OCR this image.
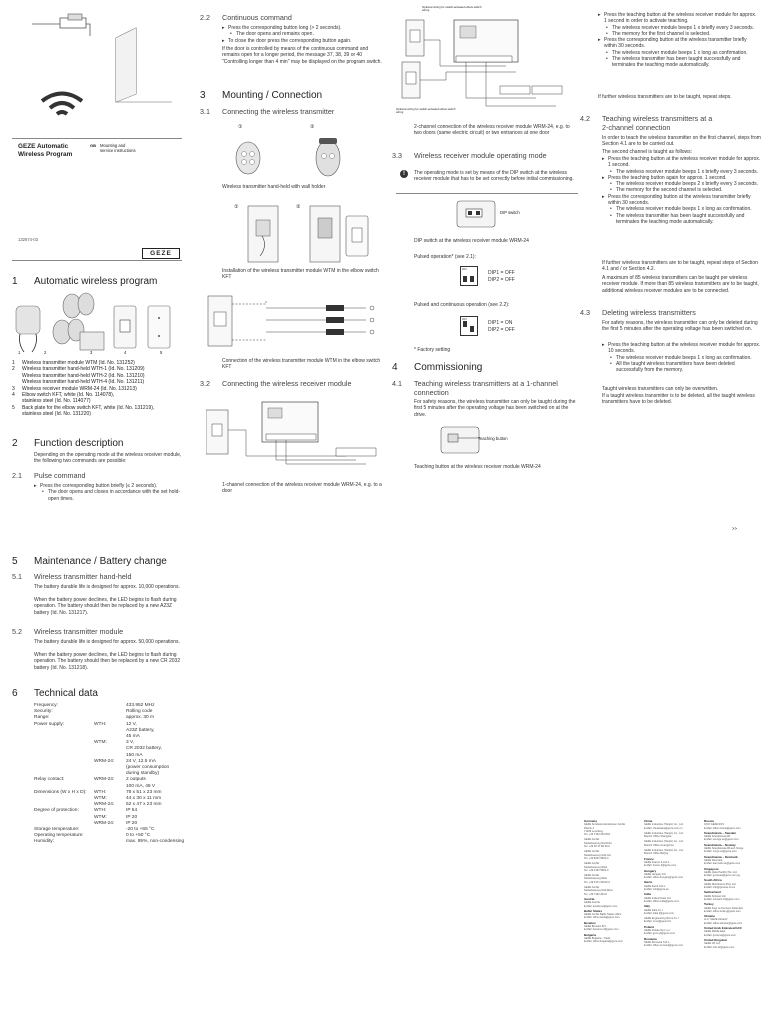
GEZE Automatic
Wireless Program
GB Mounting and
service instructions
132674-03
GEZE
1 Automatic wireless program
1	2	3	4	5
1	Wireless transmitter module WTM (Id. No. 131252)
2	Wireless transmitter hand-held WTH-1 (Id. No. 131209)
Wireless transmitter hand-held WTH-2 (Id. No. 131210)
Wireless transmitter hand-held WTH-4 (Id. No. 131211)
3	Wireless receiver module WRM-24 (Id. No. 131213)
4	Elbow switch KFT, white (Id. No. 114078),
stainless steel (Id. No. 114077)
5	Back plate for the elbow switch KFT, white (Id. No. 131219),
stainless steel (Id. No. 131220)
2 Function description
Depending on the operating mode at the wireless receiver module, the following two commands are possible:
2.1 Pulse command
▸ Press the corresponding button briefly (≤ 2 seconds).
• The door opens and closes in accordance with the set hold-open times.
2.2 Continuous command
▸ Press the corresponding button long (> 2 seconds).
• The door opens and remains open.
▸ To close the door press the corresponding button again.
If the door is controlled by means of the continuous command and remains open for a longer period, the message 37, 38, 39 or 40 "Controlling longer than 4 min" may be displayed on the program switch.
3 Mounting / Connection
3.1 Connecting the wireless transmitter
①	②
Wireless transmitter hand-held with wall holder
①	②
Installation of the wireless transmitter module WTM in the elbow switch KFT
Connection of the wireless transmitter module WTM in the elbow switch KFT
3.2 Connecting the wireless receiver module
1-channel connection of the wireless receiver module WRM-24, e.g. to a door
Optional wiring for switch-actuated elbow switch wiring
Optional wiring for switch-actuated elbow switch wiring
2-channel connection of the wireless receiver module WRM-24, e.g. to two doors (same electric circuit) or two entrances at one door
3.3 Wireless receiver module operating mode
!	The operating mode is set by means of the DIP switch at the wireless receiver module that has to be set correctly before initial commissioning.
DIP switch
DIP switch at the wireless receiver module WRM-24
Pulsed operation* (see 2.1):
ON
DIP1 = OFF
DIP2 = OFF
Pulsed and continuous operation (see 2.2):
ON
DIP1 = ON
DIP2 = OFF
* Factory setting
4 Commissioning
4.1 Teaching wireless transmitters at a 1-channel
connection
For safety reasons, the wireless transmitter can only be taught during the first 5 minutes after the operating voltage has been switched on at the drive.
Teaching button
Teaching button at the wireless receiver module WRM-24
▸ Press the teaching button at the wireless receiver module for approx. 1 second in order to activate teaching.
• The wireless receiver module beeps 1 x briefly every 3 seconds.
• The memory for the first channel is selected.
▸ Press the corresponding button at the wireless transmitter briefly within 30 seconds.
• The wireless receiver module beeps 1 x long as confirmation.
• The wireless transmitter has been taught successfully and terminates the teaching mode automatically.
If further wireless transmitters are to be taught, repeat steps.
4.2 Teaching wireless transmitters at a
2-channel connection
In order to teach the wireless transmitter on the first channel, steps from Section 4.1 are to be carried out.
The second channel is taught as follows:
▸ Press the teaching button at the wireless receiver module for approx. 1 second.
• The wireless receiver module beeps 1 x briefly every 3 seconds.
▸ Press the teaching button again for approx. 1 second.
• The wireless receiver module beeps 2 x briefly every 3 seconds.
• The memory for the second channel is selected.
▸ Press the corresponding button at the wireless transmitter briefly within 30 seconds.
• The wireless receiver module beeps 1 x long as confirmation.
• The wireless transmitter has been taught successfully and terminates the teaching mode automatically.
If further wireless transmitters are to be taught, repeat steps of Section 4.1 and / or Section 4.2.
A maximum of 85 wireless transmitters can be taught per wireless receiver module. If more than 85 wireless transmitters are to be taught, additional wireless receiver modules are to be connected.
4.3 Deleting wireless transmitters
For safety reasons, the wireless transmitter can only be deleted during the first 5 minutes after the operating voltage has been switched on.
▸ Press the teaching button at the wireless receiver module for approx. 10 seconds.
• The wireless receiver module beeps 1 x long as confirmation.
• All the taught wireless transmitters have been deleted successfully from the memory.
Taught wireless transmitters can only be overwritten.
If a taught wireless transmitter is to be deleted, all the taught wireless transmitters have to be deleted.
>>
5 Maintenance / Battery change
5.1 Wireless transmitter hand-held
The battery durable life is designed for approx. 10,000 operations.
When the battery power declines, the LED begins to flash during operation. The battery should then be replaced by a new A23Z battery (Id. No. 131217).
5.2 Wireless transmitter module
The battery durable life is designed for approx. 50,000 operations.
When the battery power declines, the LED begins to flash during operation. The battery should then be replaced by a new CR 2032 battery (Id. No. 131218).
6 Technical data
Frequency:		433.952 MHz
Security:		Rolling code
Range:		approx. 30 m
Power supply:	WTH:	12 V,
		A23Z battery,
		45 mA
	WTM:	3 V,
		CR 2032 battery,
		150 mA
	WRM-24:	24 V, 12.5 mA
		(power consumption
		during standby)
Relay contact:	WRM-24:	2 outputs
		100 mA, 48 V
Dimensions (W x H x D):	WTH:	78 x 51 x 23 mm
	WTM:	44 x 30 x 11 mm
	WRM-24:	52 x 47 x 23 mm
Degree of protection:	WTH:	IP 54
	WTM:	IP 20
	WRM-24:	IP 20
Storage temperature:		-20 to +65 °C
Operating temperature:		0 to +50 °C
Humidity:		max. 95%, non-condensing
Germany

GEZE Sonderkonstruktionen GmbH
Planck 4
71229 Leonberg
Tel. +49 7152 203-594
GEZE GmbH
Niederlassung Nord/Ost
Tel. +49 30 47 89 90-0
GEZE GmbH
Niederlassung Süd-Ost
Tel. +49 8231 9564-0
GEZE GmbH
Niederlassung West
Tel. +49 2191 5981-0
GEZE GmbH
Niederlassung Mitte
Tel. +49 6171 63610-0
GEZE GmbH
Niederlassung Süd-West
Tel. +49 7152 203-0
Austria

GEZE Austria
E-Mail: austria.at@geze.com
Baltic States

GEZE GmbH Baltic States office
E-Mail: office-latvia@geze.com
Benelux

GEZE Benelux B.V.
E-Mail: benelux.nl@geze.com
Bulgaria

GEZE Bulgaria - Trade
E-Mail: office-bulgaria@geze.com
China

GEZE Industries (Tianjin) Co., Ltd.
E-Mail: chinasales@geze.com.cn
GEZE Industries (Tianjin) Co., Ltd.
Branch Office Shanghai
GEZE Industries (Tianjin) Co., Ltd.
Branch Office Guangzhou
GEZE Industries (Tianjin) Co., Ltd.
Branch Office Beijing
France

GEZE France S.A.R.L.
E-Mail: france.fr@geze.com
Hungary

GEZE Hungary Kft.
E-Mail: office-hungary@geze.com
Iberia

GEZE Iberia S.R.L.
E-Mail: info@geze.es
India

GEZE India Private Ltd.
E-Mail: office-india@geze.com
Italy

GEZE Italia S.r.l
E-Mail: italia.it@geze.com
GEZE Engineering Roma S.r.l
E-Mail: roma@geze.biz
Poland

GEZE Polska Sp.z o.o.
E-Mail: geze.pl@geze.com
Romania

GEZE Romania S.R.L.
E-Mail: office-romania@geze.com
Russia

OOO GEZE RUS
E-Mail: office-russia@geze.com
Scandinavia – Sweden

GEZE Scandinavia AB
E-Mail: sverige.se@geze.com
Scandinavia – Norway

GEZE Scandinavia AB avd. Norge
E-Mail: norge.se@geze.com
Scandinavia – Denmark

GEZE Danmark
E-Mail: danmark.se@geze.com
Singapore

GEZE (Asia Pacific) Pte, Ltd.
E-Mail: gezesea@geze.com.sg
South Africa

GEZE Distributors (Pty) Ltd.
E-Mail: info@gezesa.co.za
Switzerland

GEZE Schweiz AG
E-Mail: schweiz.ch@geze.com
Turkey

GEZE Kapı ve Pencere Sistemleri
E-Mail: office-turkey@geze.com
Ukraine

LLC "GEZE Ukraine"
E-Mail: office-ukraine@geze.com
United Arab Emirates/GCC

GEZE Middle East
E-Mail: gezeme@geze.com
United Kingdom

GEZE UK Ltd.
E-Mail: info.uk@geze.com
